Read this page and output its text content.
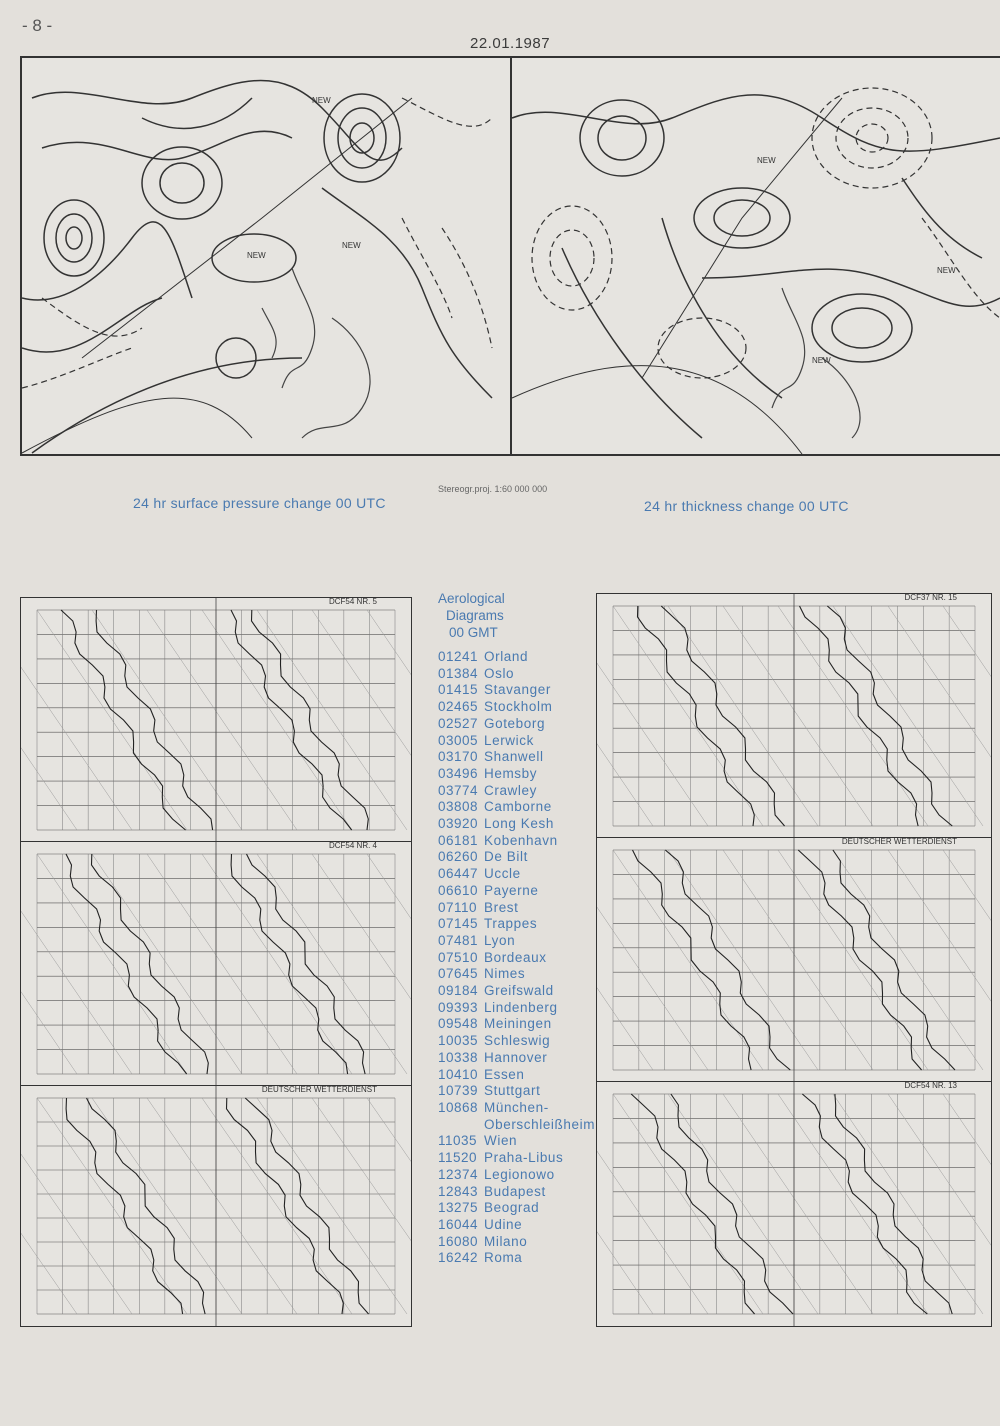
- 8 -
22.01.1987
NEW
NEW
NEW
NEW
NEW
NEW
Stereogr.proj. 1:60 000 000
24 hr surface pressure change 00 UTC	24 hr thickness change 00 UTC
DCF54 NR. 5
DCF54 NR. 4
DEUTSCHER WETTERDIENST
DCF37 NR. 15
DEUTSCHER WETTERDIENST
DCF54 NR. 13
Aerological
Diagrams
00 GMT
01241 Orland
01384 Oslo
01415 Stavanger
02465 Stockholm
02527 Goteborg
03005 Lerwick
03170 Shanwell
03496 Hemsby
03774 Crawley
03808 Camborne
03920 Long Kesh
06181 Kobenhavn
06260 De Bilt
06447 Uccle
06610 Payerne
07110 Brest
07145 Trappes
07481 Lyon
07510 Bordeaux
07645 Nimes
09184 Greifswald
09393 Lindenberg
09548 Meiningen
10035 Schleswig
10338 Hannover
10410 Essen
10739 Stuttgart
10868 München-
Oberschleißheim
11035 Wien
11520 Praha-Libus
12374 Legionowo
12843 Budapest
13275 Beograd
16044 Udine
16080 Milano
16242 Roma
